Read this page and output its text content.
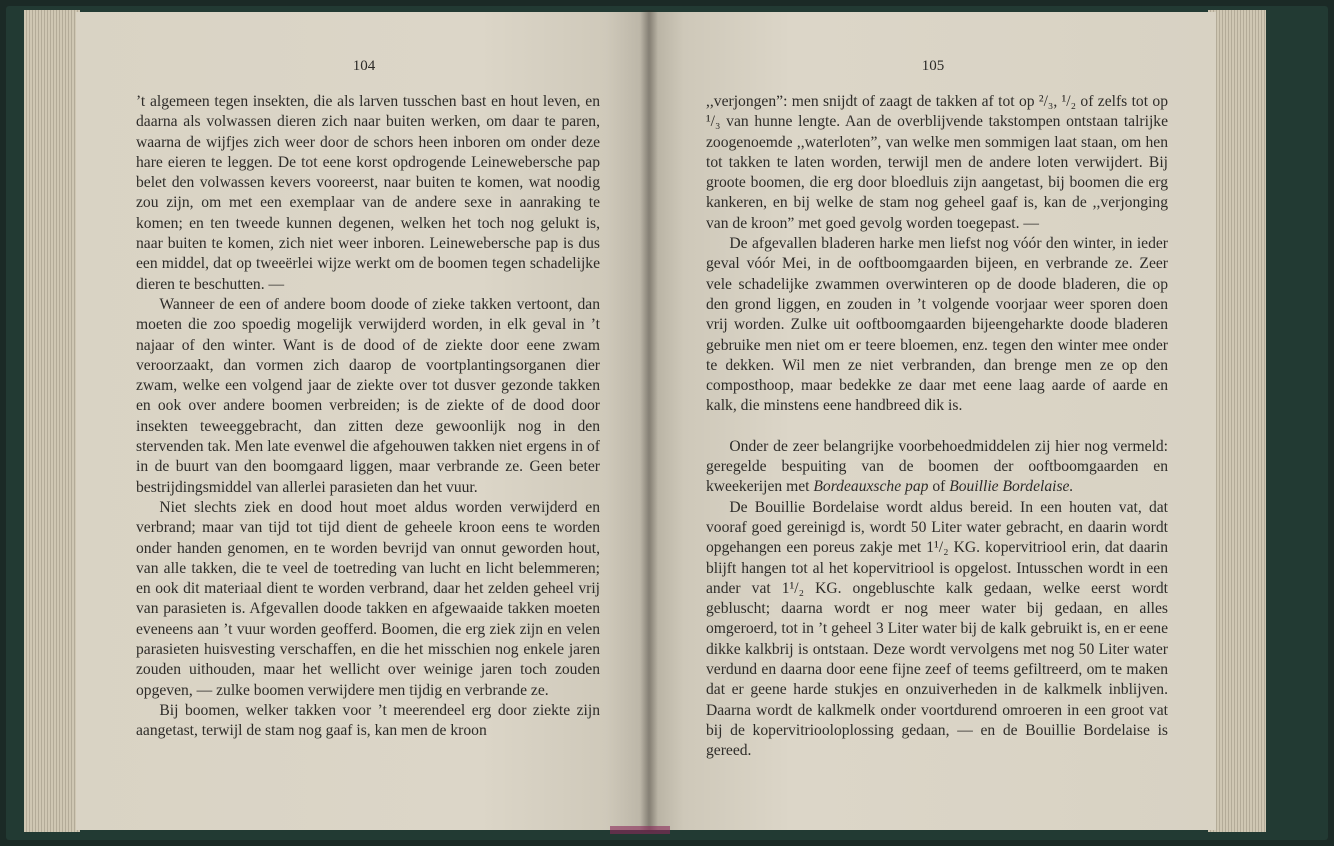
104

’t algemeen tegen insekten, die als larven tusschen bast en hout leven, en daarna als volwassen dieren zich naar buiten werken, om daar te paren, waarna de wijfjes zich weer door de schors heen inboren om onder deze hare eieren te leggen. De tot eene korst opdrogende Leinewebersche pap belet den volwassen kevers vooreerst, naar buiten te komen, wat noodig zou zijn, om met een exemplaar van de andere sexe in aanraking te komen; en ten tweede kunnen degenen, welken het toch nog gelukt is, naar buiten te komen, zich niet weer inboren. Leinewebersche pap is dus een middel, dat op tweeërlei wijze werkt om de boomen tegen schadelijke dieren te beschutten. —

Wanneer de een of andere boom doode of zieke takken vertoont, dan moeten die zoo spoedig mogelijk verwijderd worden, in elk geval in ’t najaar of den winter. Want is de dood of de ziekte door eene zwam veroorzaakt, dan vormen zich daarop de voortplantingsorganen dier zwam, welke een volgend jaar de ziekte over tot dusver gezonde takken en ook over andere boomen verbreiden; is de ziekte of de dood door insekten teweeggebracht, dan zitten deze gewoonlijk nog in den stervenden tak. Men late evenwel die afgehouwen takken niet ergens in of in de buurt van den boomgaard liggen, maar verbrande ze. Geen beter bestrijdingsmiddel van allerlei parasieten dan het vuur.

Niet slechts ziek en dood hout moet aldus worden verwijderd en verbrand; maar van tijd tot tijd dient de geheele kroon eens te worden onder handen genomen, en te worden bevrijd van onnut geworden hout, van alle takken, die te veel de toetreding van lucht en licht belemmeren; en ook dit materiaal dient te worden verbrand, daar het zelden geheel vrij van parasieten is. Afgevallen doode takken en afgewaaide takken moeten eveneens aan ’t vuur worden geofferd. Boomen, die erg ziek zijn en velen parasieten huisvesting verschaffen, en die het misschien nog enkele jaren zouden uithouden, maar het wellicht over weinige jaren toch zouden opgeven, — zulke boomen verwijdere men tijdig en verbrande ze.

Bij boomen, welker takken voor ’t meerendeel erg door ziekte zijn aangetast, terwijl de stam nog gaaf is, kan men de kroon

105

,,verjongen”: men snijdt of zaagt de takken af tot op ²/₃, ¹/₂ of zelfs tot op ¹/₃ van hunne lengte. Aan de overblijvende takstompen ontstaan talrijke zoogenoemde ,,waterloten”, van welke men sommigen laat staan, om hen tot takken te laten worden, terwijl men de andere loten verwijdert. Bij groote boomen, die erg door bloedluis zijn aangetast, bij boomen die erg kankeren, en bij welke de stam nog geheel gaaf is, kan de ,,verjonging van de kroon” met goed gevolg worden toegepast. —

De afgevallen bladeren harke men liefst nog vóór den winter, in ieder geval vóór Mei, in de ooftboomgaarden bijeen, en verbrande ze. Zeer vele schadelijke zwammen overwinteren op de doode bladeren, die op den grond liggen, en zouden in ’t volgende voorjaar weer sporen doen vrij worden. Zulke uit ooftboomgaarden bijeengeharkte doode bladeren gebruike men niet om er teere bloemen, enz. tegen den winter mee onder te dekken. Wil men ze niet verbranden, dan brenge men ze op den composthoop, maar bedekke ze daar met eene laag aarde of aarde en kalk, die minstens eene handbreed dik is.

Onder de zeer belangrijke voorbehoedmiddelen zij hier nog vermeld: geregelde bespuiting van de boomen der ooftboomgaarden en kweekerijen met Bordeauxsche pap of Bouillie Bordelaise.

De Bouillie Bordelaise wordt aldus bereid. In een houten vat, dat vooraf goed gereinigd is, wordt 50 Liter water gebracht, en daarin wordt opgehangen een poreus zakje met 1¹/₂ KG. kopervitriool erin, dat daarin blijft hangen tot al het kopervitriool is opgelost. Intusschen wordt in een ander vat 1¹/₂ KG. ongebluschte kalk gedaan, welke eerst wordt gebluscht; daarna wordt er nog meer water bij gedaan, en alles omgeroerd, tot in ’t geheel 3 Liter water bij de kalk gebruikt is, en er eene dikke kalkbrij is ontstaan. Deze wordt vervolgens met nog 50 Liter water verdund en daarna door eene fijne zeef of teems gefiltreerd, om te maken dat er geene harde stukjes en onzuiverheden in de kalkmelk inblijven. Daarna wordt de kalkmelk onder voortdurend omroeren in een groot vat bij de kopervitriooloplossing gedaan, — en de Bouillie Bordelaise is gereed.
